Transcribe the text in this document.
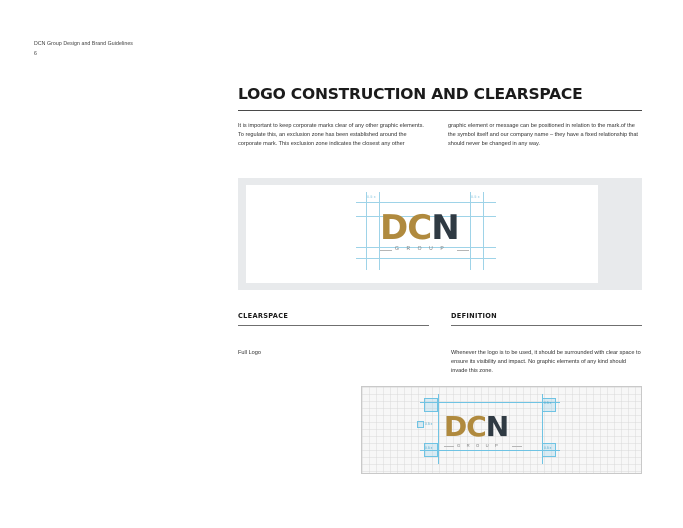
DCN Group Design and Brand Guidelines
6
LOGO CONSTRUCTION AND CLEARSPACE
It is important to keep corporate marks clear of any other graphic elements. To regulate this, an exclusion zone has been established around the corporate mark. This exclusion zone indicates the closest any other
graphic element or message can be positioned in relation to the mark.of the the symbol itself and our company name – they have a fixed relationship that should never be changed in any way.
0.5 x	0.5 x
DCN
G R O U P
CLEARSPACE
Full Logo
DEFINITION
Whenever the logo is to be used, it should be surrounded with clear space to ensure its visibility and impact. No graphic elements of any kind should invade this zone.
0.5 x
0.5 x
0.5 x	0.5 x
DCN
G R O U P
